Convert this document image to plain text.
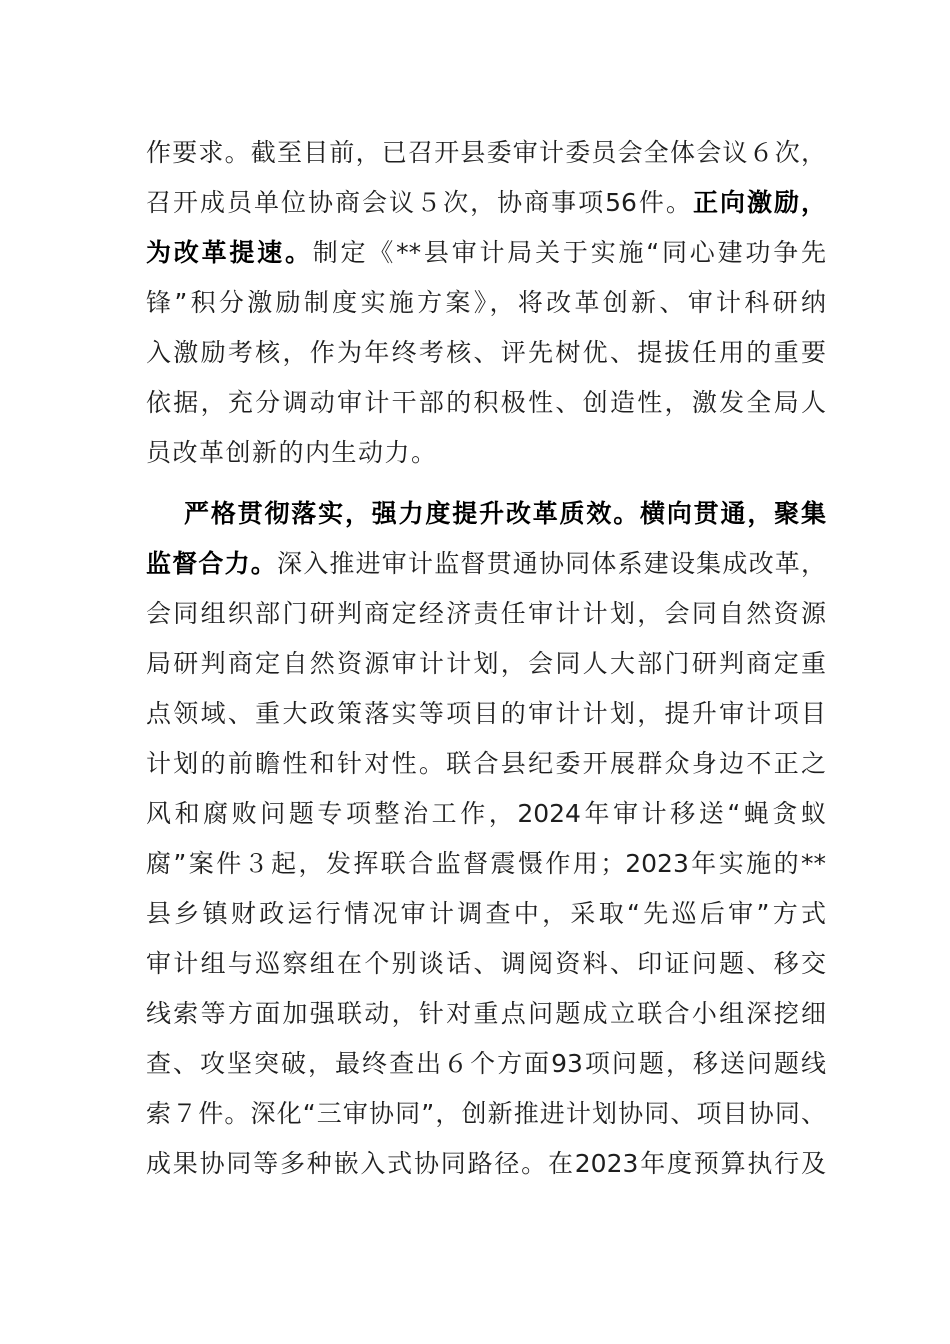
作要求。截至目前，已召开县委审计委员会全体会议６次，
召开成员单位协商会议５次，协商事项56件。正向激励，
为改革提速。制定《**县审计局关于实施“同心建功争先
锋”积分激励制度实施方案》，将改革创新、审计科研纳
入激励考核，作为年终考核、评先树优、提拔任用的重要
依据，充分调动审计干部的积极性、创造性，激发全局人
员改革创新的内生动力。
严格贯彻落实，强力度提升改革质效。横向贯通，聚集
监督合力。深入推进审计监督贯通协同体系建设集成改革，
会同组织部门研判商定经济责任审计计划，会同自然资源
局研判商定自然资源审计计划，会同人大部门研判商定重
点领域、重大政策落实等项目的审计计划，提升审计项目
计划的前瞻性和针对性。联合县纪委开展群众身边不正之
风和腐败问题专项整治工作，2024年审计移送“蝇贪蚁
腐”案件３起，发挥联合监督震慑作用；2023年实施的**
县乡镇财政运行情况审计调查中，采取“先巡后审”方式
审计组与巡察组在个别谈话、调阅资料、印证问题、移交
线索等方面加强联动，针对重点问题成立联合小组深挖细
查、攻坚突破，最终查出６个方面93项问题，移送问题线
索７件。深化“三审协同”，创新推进计划协同、项目协同、
成果协同等多种嵌入式协同路径。在2023年度预算执行及
